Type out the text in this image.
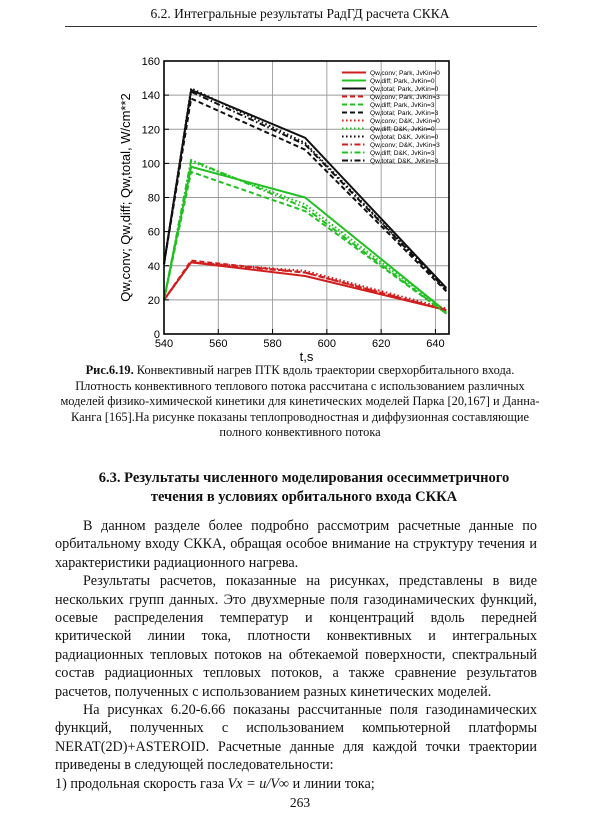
6.2. Интегральные результаты РадГД расчета СККА
540	560	580	600	620	640
0
20
40
60
80
100
120
140
160
Qw,conv; Qw,diff; Qw,total, W/cm**2
t,s
Qw,conv; Park, JvKin=0
Qw,diff; Park, JvKin=0
Qw,total; Park, JvKin=0
Qw,conv; Park, JvKin=3
Qw,diff; Park, JvKin=3
Qw,total; Park, JvKin=3
Qw,conv; D&K, JvKin=0
Qw,diff; D&K, JvKin=0
Qw,total; D&K, JvKin=0
Qw,conv; D&K, JvKin=3
Qw,diff; D&K, JvKin=3
Qw,total; D&K, JvKin=3
Рис.6.19. Конвективный нагрев ПТК вдоль траектории сверхорбитального входа. Плотность конвективного теплового потока рассчитана с использованием различных моделей физико-химической кинетики для кинетических моделей Парка [20,167] и Данна-Канга [165].На рисунке показаны теплопроводностная и диффузионная составляющие полного конвективного потока
6.3. Результаты численного моделирования осесимметричного течения в условиях орбитального входа СККА

В данном разделе более подробно рассмотрим расчетные данные по орбитальному входу СККА, обращая особое внимание на структуру течения и характеристики радиационного нагрева.

Результаты расчетов, показанные на рисунках, представлены в виде нескольких групп данных. Это двухмерные поля газодинамических функций, осевые распределения температур и концентраций вдоль передней критической линии тока, плотности конвективных и интегральных радиационных тепловых потоков на обтекаемой поверхности, спектральный состав радиационных тепловых потоков, а также сравнение результатов расчетов, полученных с использованием разных кинетических моделей.

На рисунках 6.20-6.66 показаны рассчитанные поля газодинамических функций, полученных с использованием компьютерной платформы NERAT(2D)+ASTEROID. Расчетные данные для каждой точки траектории приведены в следующей последовательности:

1) продольная скорость газа Vx = u/V∞ и линии тока;

263
